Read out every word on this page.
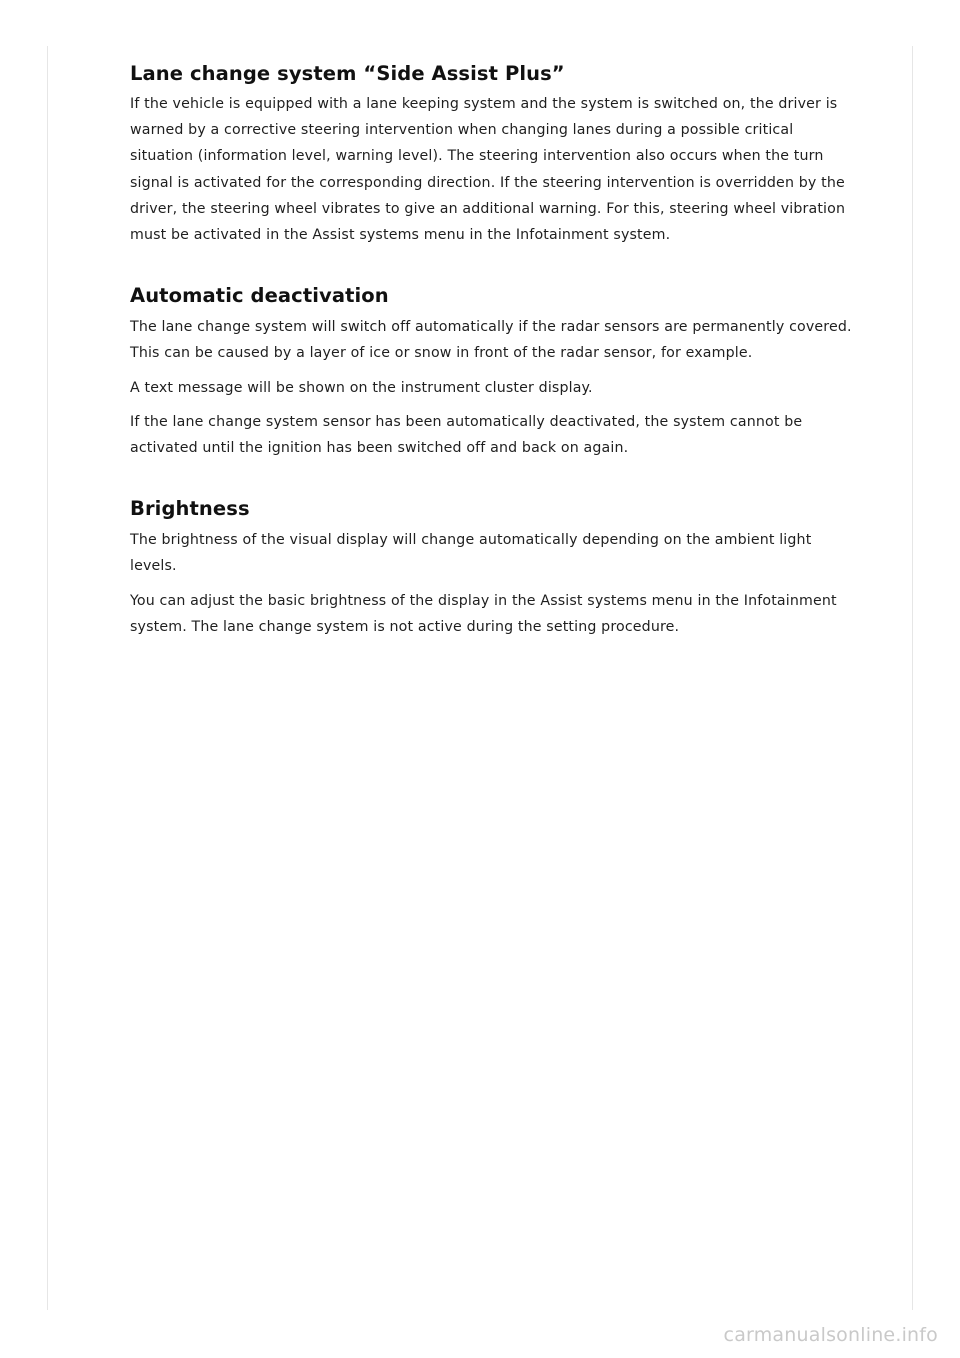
Lane change system “Side Assist Plus”

If the vehicle is equipped with a lane keeping system and the system is switched on, the driver is warned by a corrective steering intervention when changing lanes during a possible critical situation (information level, warning level). The steering intervention also occurs when the turn signal is activated for the corresponding direction. If the steering intervention is overridden by the driver, the steering wheel vibrates to give an additional warning. For this, steering wheel vibration must be activated in the Assist systems menu in the Infotainment system.

Automatic deactivation

The lane change system will switch off automatically if the radar sensors are permanently covered. This can be caused by a layer of ice or snow in front of the radar sensor, for example.

A text message will be shown on the instrument cluster display.

If the lane change system sensor has been automatically deactivated, the system cannot be activated until the ignition has been switched off and back on again.

Brightness

The brightness of the visual display will change automatically depending on the ambient light levels.

You can adjust the basic brightness of the display in the Assist systems menu in the Infotainment system. The lane change system is not active during the setting procedure.

carmanualsonline.info
